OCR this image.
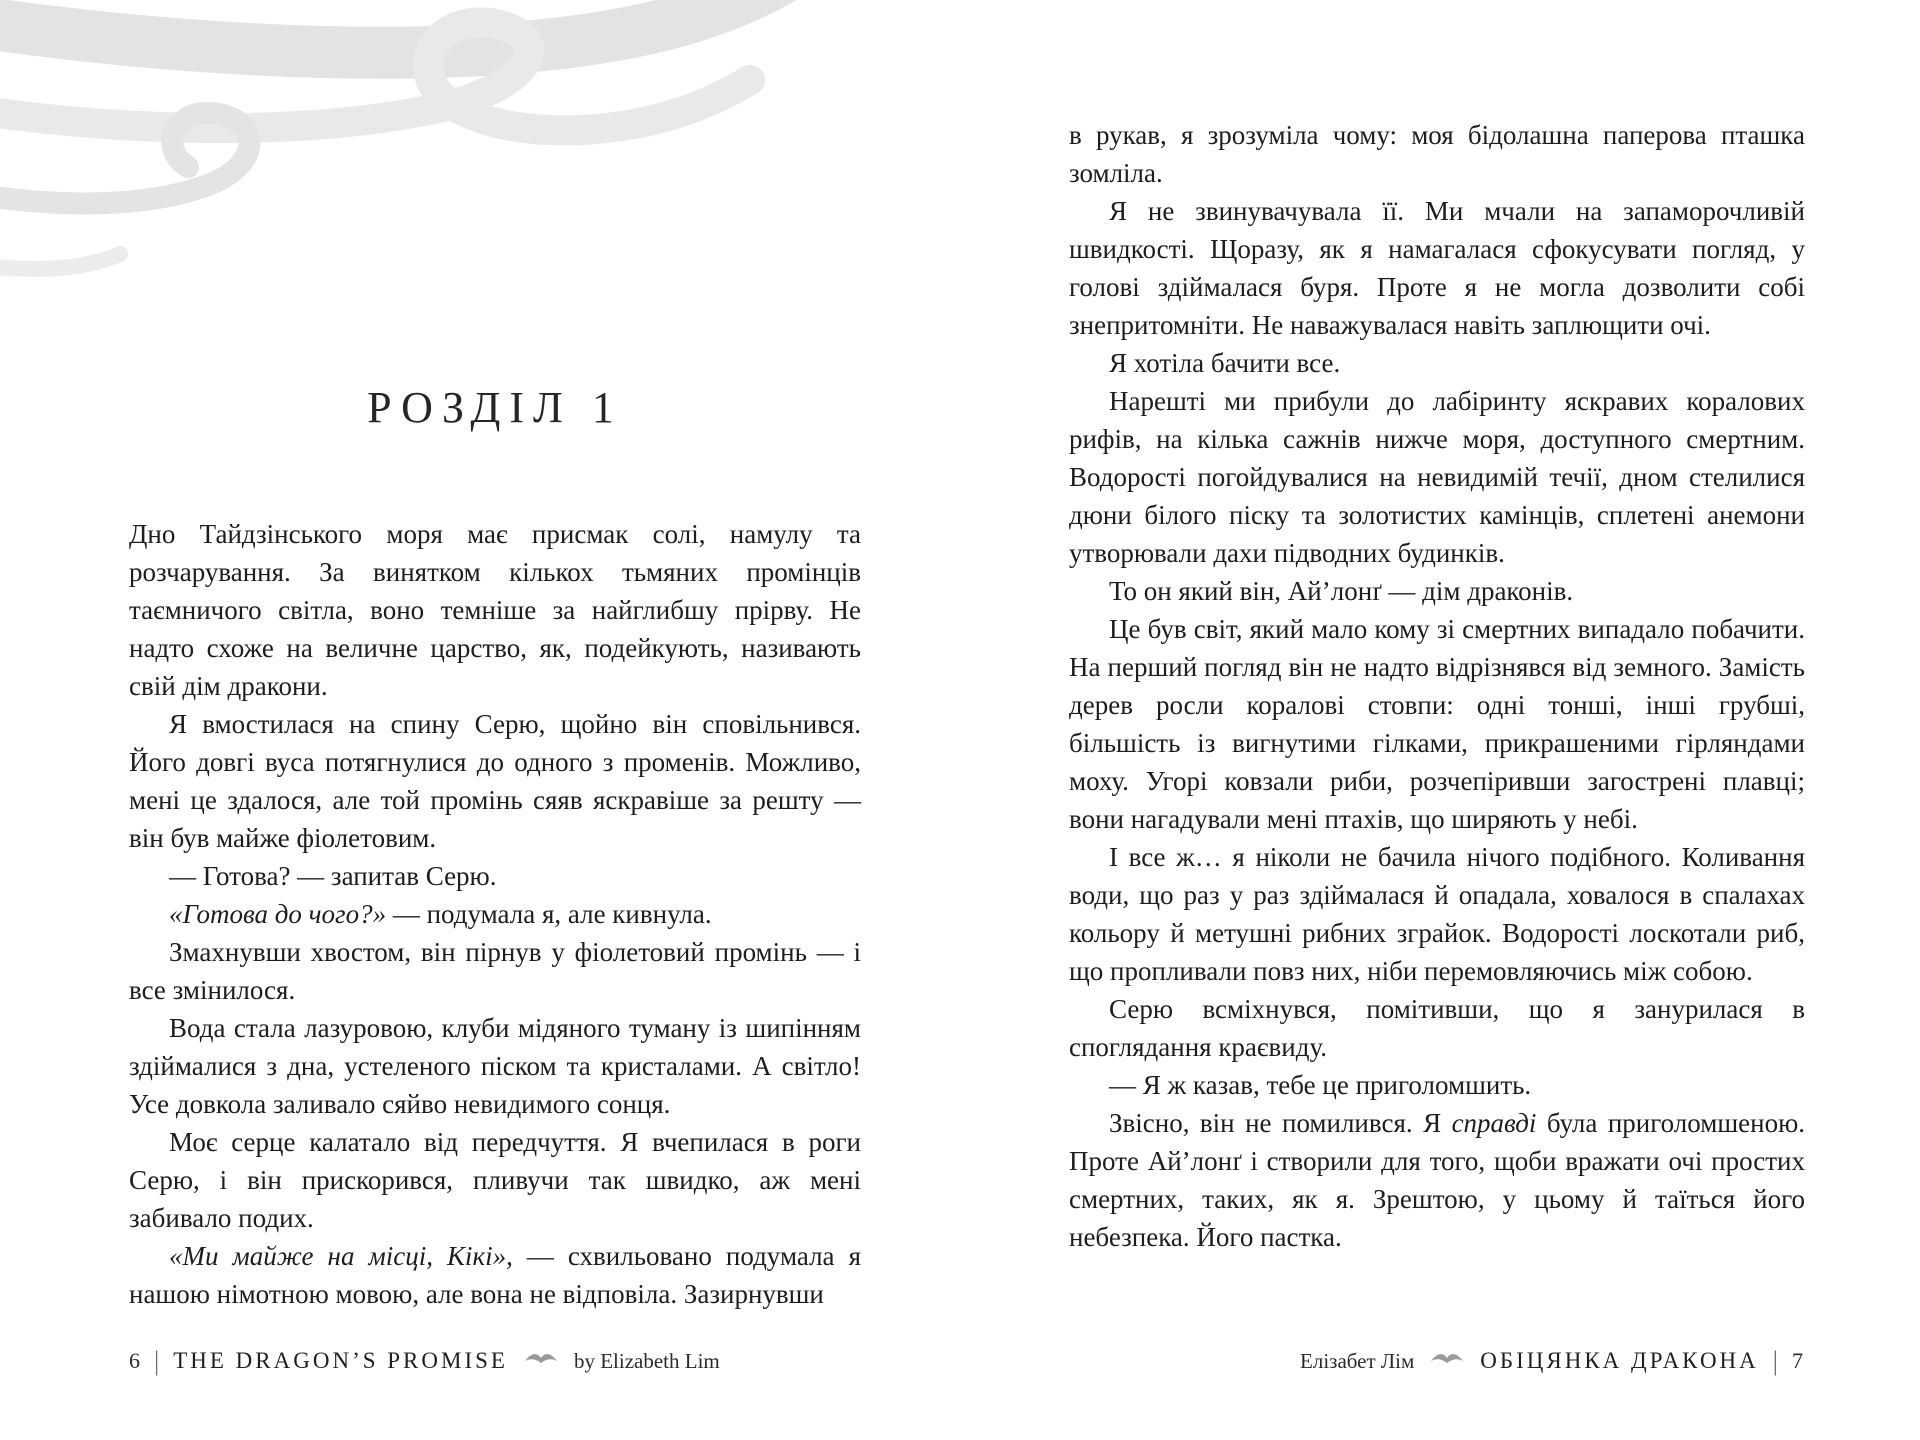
РОЗДІЛ 1

Дно Тайдзінського моря має присмак солі, намулу та розчарування. За винятком кількох тьмяних промінців таємничого світла, воно темніше за найглибшу прірву. Не надто схоже на величне царство, як, подейкують, називають свій дім дракони.

Я вмостилася на спину Серю, щойно він сповільнився. Його довгі вуса потягнулися до одного з променів. Можливо, мені це здалося, але той промінь сяяв яскравіше за решту — він був майже фіолетовим.

— Готова? — запитав Серю.

«Готова до чого?» — подумала я, але кивнула.

Змахнувши хвостом, він пірнув у фіолетовий промінь — і все змінилося.

Вода стала лазуровою, клуби мідяного туману із шипінням здіймалися з дна, устеленого піском та кристалами. А світло! Усе довкола заливало сяйво невидимого сонця.

Моє серце калатало від передчуття. Я вчепилася в роги Серю, і він прискорився, пливучи так швидко, аж мені забивало подих.

«Ми майже на місці, Кікі», — схвильовано подумала я нашою німотною мовою, але вона не відповіла. Зазирнувши

в рукав, я зрозуміла чому: моя бідолашна паперова пташка зомліла.

Я не звинувачувала її. Ми мчали на запаморочливій швидкості. Щоразу, як я намагалася сфокусувати погляд, у голові здіймалася буря. Проте я не могла дозволити собі знепритомніти. Не наважувалася навіть заплющити очі.

Я хотіла бачити все.

Нарешті ми прибули до лабіринту яскравих коралових рифів, на кілька сажнів нижче моря, доступного смертним. Водорості погойдувалися на невидимій течії, дном стелилися дюни білого піску та золотистих камінців, сплетені анемони утворювали дахи підводних будинків.

То он який він, Ай’лонґ — дім драконів.

Це був світ, який мало кому зі смертних випадало побачити. На перший погляд він не надто відрізнявся від земного. Замість дерев росли коралові стовпи: одні тонші, інші грубші, більшість із вигнутими гілками, прикрашеними гірляндами моху. Угорі ковзали риби, розчепіривши загострені плавці; вони нагадували мені птахів, що ширяють у небі.

І все ж… я ніколи не бачила нічого подібного. Коливання води, що раз у раз здіймалася й опадала, ховалося в спалахах кольору й метушні рибних зграйок. Водорості лоскотали риб, що пропливали повз них, ніби перемовляючись між собою.

Серю всміхнувся, помітивши, що я занурилася в споглядання краєвиду.

— Я ж казав, тебе це приголомшить.

Звісно, він не помилився. Я справді була приголомшеною. Проте Ай’лонґ і створили для того, щоби вражати очі простих смертних, таких, як я. Зрештою, у цьому й таїться його небезпека. Його пастка.

6 | THE DRAGON’S PROMISE	by Elizabeth Lim	Елізабет Лім	ОБІЦЯНКА ДРАКОНА | 7
